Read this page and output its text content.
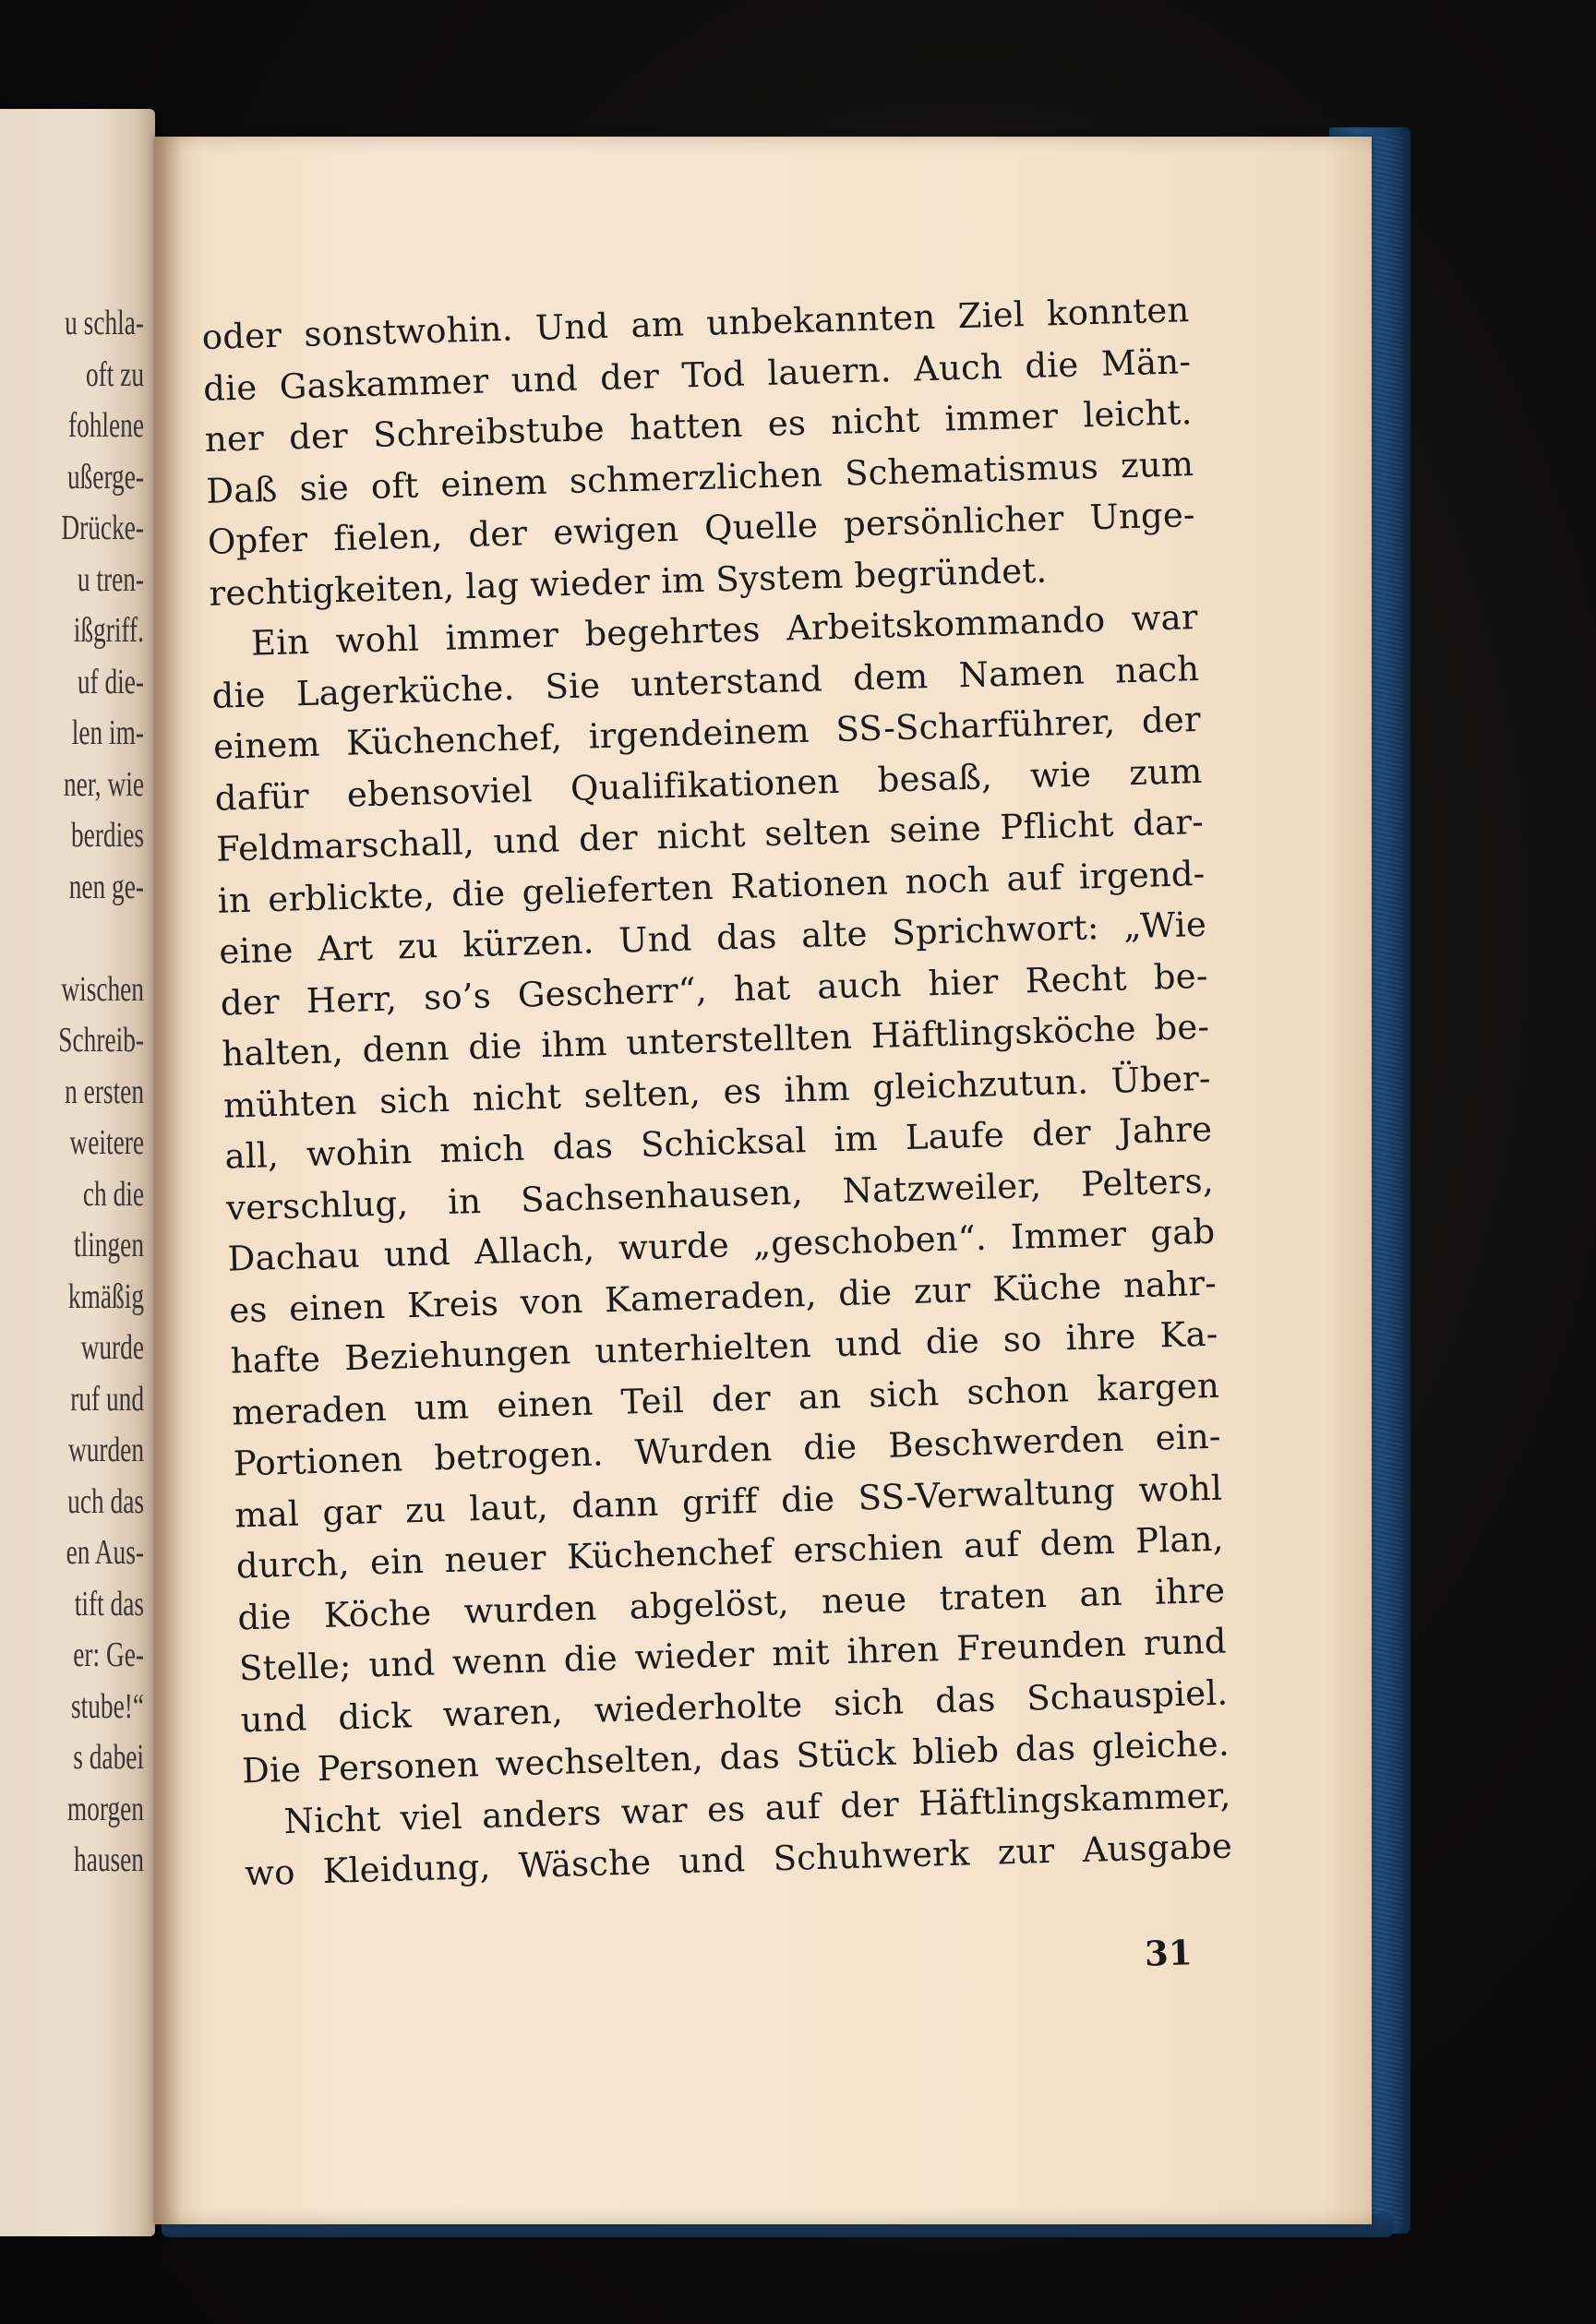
u schla-
oft zu
fohlene
ußerge-
Drücke-
u tren-
ißgriff.
uf die-
len im-
ner, wie
berdies
nen ge-

wischen
Schreib-
n ersten
weitere
ch die
tlingen
kmäßig
wurde
ruf und
wurden
uch das
en Aus-
tift das
er: Ge-
stube!“
s dabei
morgen
hausen
oder sonstwohin. Und am unbekannten Ziel konnten
die Gaskammer und der Tod lauern. Auch die Män-
ner der Schreibstube hatten es nicht immer leicht.
Daß sie oft einem schmerzlichen Schematismus zum
Opfer fielen, der ewigen Quelle persönlicher Unge-
rechtigkeiten, lag wieder im System begründet.
Ein wohl immer begehrtes Arbeitskommando war
die Lagerküche. Sie unterstand dem Namen nach
einem Küchenchef, irgendeinem SS-Scharführer, der
dafür ebensoviel Qualifikationen besaß, wie zum
Feldmarschall, und der nicht selten seine Pflicht dar-
in erblickte, die gelieferten Rationen noch auf irgend-
eine Art zu kürzen. Und das alte Sprichwort: „Wie
der Herr, so’s Gescherr“, hat auch hier Recht be-
halten, denn die ihm unterstellten Häftlingsköche be-
mühten sich nicht selten, es ihm gleichzutun. Über-
all, wohin mich das Schicksal im Laufe der Jahre
verschlug, in Sachsenhausen, Natzweiler, Pelters,
Dachau und Allach, wurde „geschoben“. Immer gab
es einen Kreis von Kameraden, die zur Küche nahr-
hafte Beziehungen unterhielten und die so ihre Ka-
meraden um einen Teil der an sich schon kargen
Portionen betrogen. Wurden die Beschwerden ein-
mal gar zu laut, dann griff die SS-Verwaltung wohl
durch, ein neuer Küchenchef erschien auf dem Plan,
die Köche wurden abgelöst, neue traten an ihre
Stelle; und wenn die wieder mit ihren Freunden rund
und dick waren, wiederholte sich das Schauspiel.
Die Personen wechselten, das Stück blieb das gleiche.
Nicht viel anders war es auf der Häftlingskammer,
wo Kleidung, Wäsche und Schuhwerk zur Ausgabe
31
